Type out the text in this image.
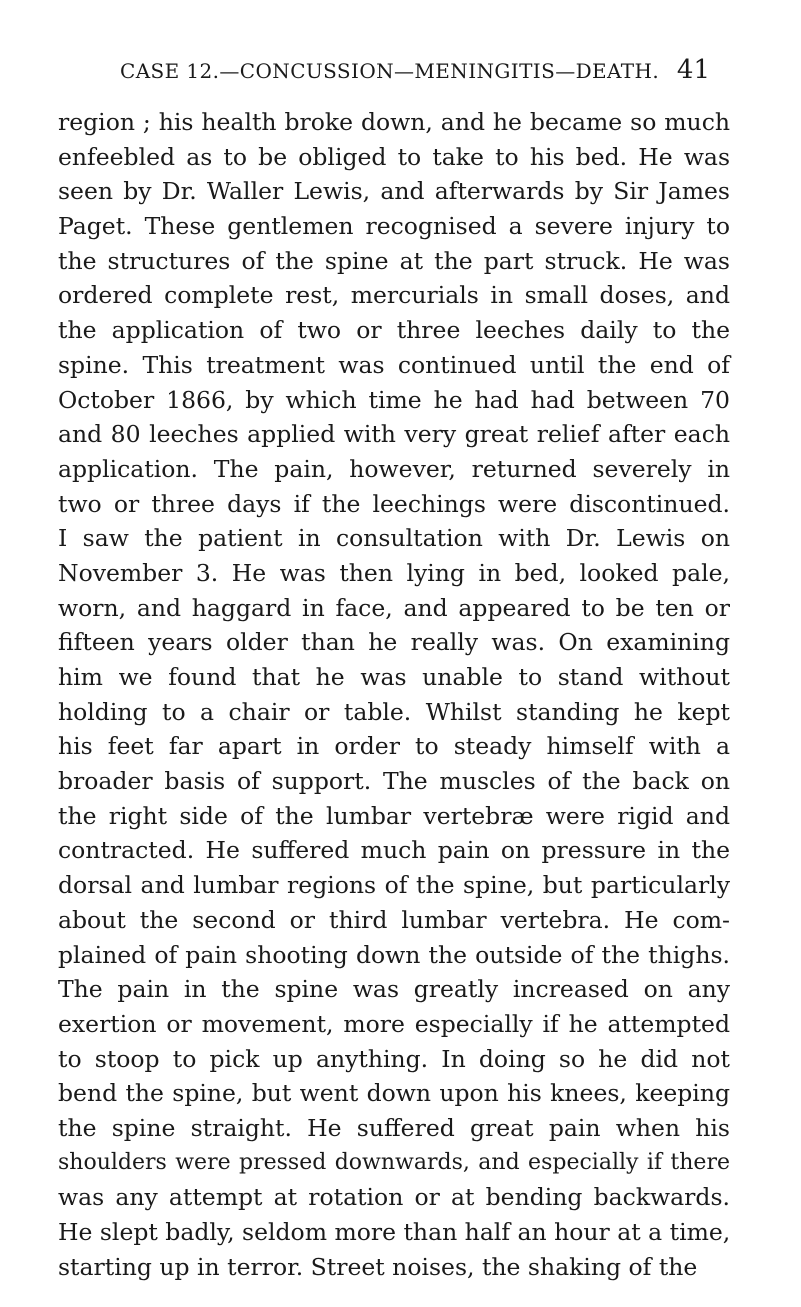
CASE 12.—CONCUSSION—MENINGITIS—DEATH. 41
region ; his health broke down, and he became so much
enfeebled as to be obliged to take to his bed. He was
seen by Dr. Waller Lewis, and afterwards by Sir James
Paget. These gentlemen recognised a severe injury to
the structures of the spine at the part struck. He was
ordered complete rest, mercurials in small doses, and
the application of two or three leeches daily to the
spine. This treatment was continued until the end of
October 1866, by which time he had had between 70
and 80 leeches applied with very great relief after each
application. The pain, however, returned severely in
two or three days if the leechings were discontinued.
I saw the patient in consultation with Dr. Lewis on
November 3. He was then lying in bed, looked pale,
worn, and haggard in face, and appeared to be ten or
fifteen years older than he really was. On examining
him we found that he was unable to stand without
holding to a chair or table. Whilst standing he kept
his feet far apart in order to steady himself with a
broader basis of support. The muscles of the back on
the right side of the lumbar vertebræ were rigid and
contracted. He suffered much pain on pressure in the
dorsal and lumbar regions of the spine, but particularly
about the second or third lumbar vertebra. He com-
plained of pain shooting down the outside of the thighs.
The pain in the spine was greatly increased on any
exertion or movement, more especially if he attempted
to stoop to pick up anything. In doing so he did not
bend the spine, but went down upon his knees, keeping
the spine straight. He suffered great pain when his
shoulders were pressed downwards, and especially if there
was any attempt at rotation or at bending backwards.
He slept badly, seldom more than half an hour at a time,
starting up in terror. Street noises, the shaking of the
